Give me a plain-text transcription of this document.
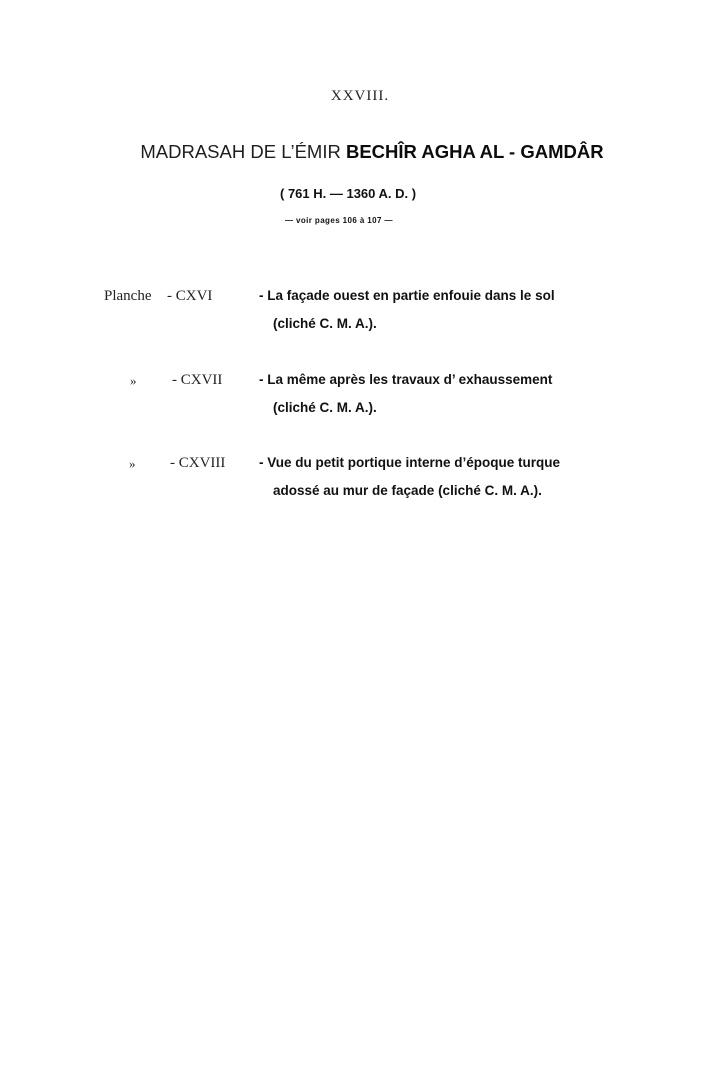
XXVIII.
MADRASAH DE L’ÉMIR BECHÎR AGHA AL - GAMDÂR
( 761 H. — 1360 A. D. )
— voir pages 106 à 107 —
Planche - CXVI	- La façade ouest en partie enfouie dans le sol
(cliché C. M. A.).
» - CXVII	- La même après les travaux d’ exhaussement
(cliché C. M. A.).
» - CXVIII - Vue du petit portique interne d’époque turque
adossé au mur de façade (cliché C. M. A.).
